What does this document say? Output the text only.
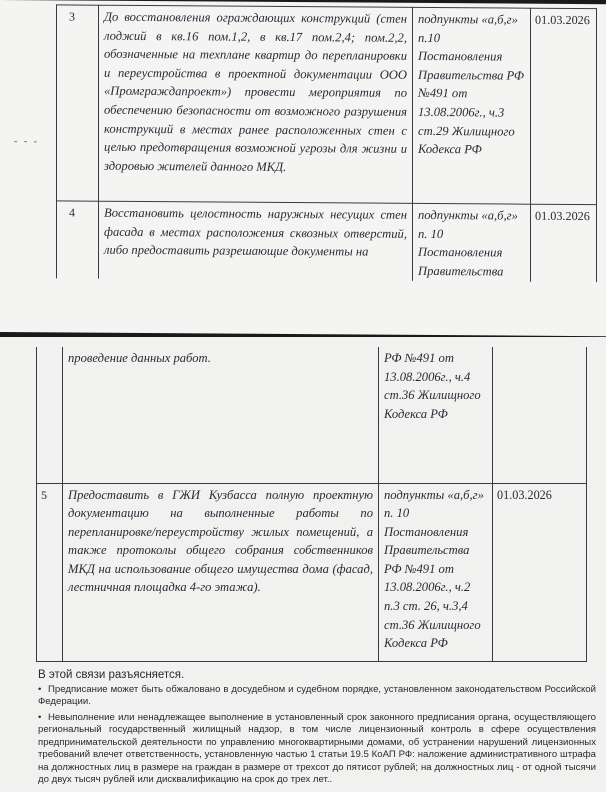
- - -
3	До восстановления ограждающих конструкций (стен лоджий в кв.16 пом.1,2, в кв.17 пом.2,4; пом.2,2, обозначенные на техплане квартир до перепланировки и переустройства в проектной документации ООО «Промграждапроект») провести мероприятия по обеспечению безопасности от возможного разрушения конструкций в местах ранее расположенных стен с целью предотвращения возможной угрозы для жизни и здоровью жителей данного МКД.	подпункты «а,б,г» п.10 Постановления Правительства РФ №491 от 13.08.2006г., ч.3 ст.29 Жилищного Кодекса РФ	01.03.2026
4	Восстановить целостность наружных несущих стен фасада в местах расположения сквозных отверстий, либо предоставить разрешающие документы на	подпункты «а,б,г» п. 10 Постановления Правительства	01.03.2026
	проведение данных работ.	РФ №491 от 13.08.2006г., ч.4 ст.36 Жилищного Кодекса РФ	
5	Предоставить в ГЖИ Кузбасса полную проектную документацию на выполненные работы по перепланировке/переустройству жилых помещений, а также протоколы общего собрания собственников МКД на использование общего имущества дома (фасад, лестничная площадка 4-го этажа).	подпункты «а,б,г» п. 10 Постановления Правительства РФ №491 от 13.08.2006г., ч.2 п.3 ст. 26, ч.3,4 ст.36 Жилищного Кодекса РФ	01.03.2026
В этой связи разъясняется.

• Предписание может быть обжаловано в досудебном и судебном порядке, установленном законодательством Российской Федерации.

• Невыполнение или ненадлежащее выполнение в установленный срок законного предписания органа, осуществляющего региональный государственный жилищный надзор, в том числе лицензионный контроль в сфере осуществления предпринимательской деятельности по управлению многоквартирными домами, об устранении нарушений лицензионных требований влечет ответственность, установленную частью 1 статьи 19.5 КоАП РФ: наложение административного штрафа на должностных лиц в размере на граждан в размере от трехсот до пятисот рублей; на должностных лиц - от одной тысячи до двух тысяч рублей или дисквалификацию на срок до трех лет..
